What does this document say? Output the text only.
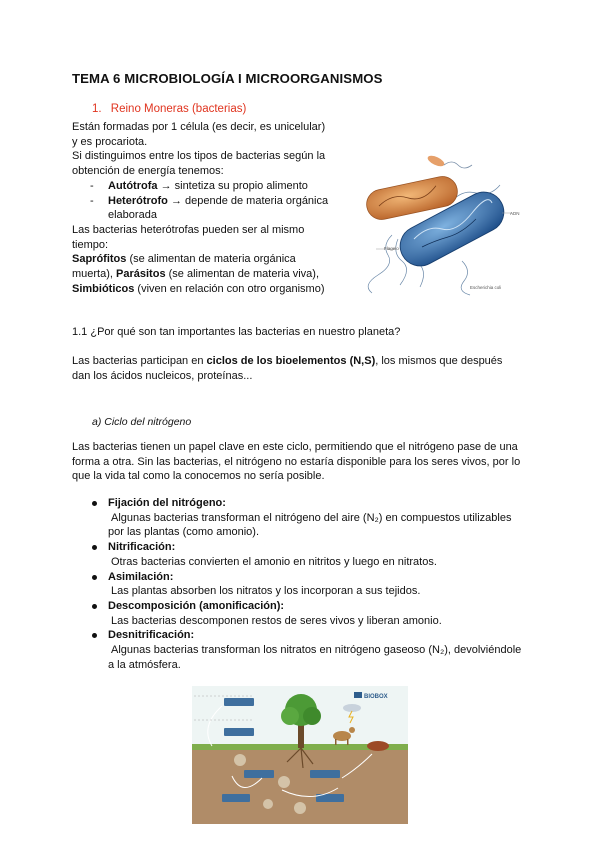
TEMA 6 MICROBIOLOGÍA I MICROORGANISMOS
1. Reino Moneras (bacterias)
Están formadas por 1 célula (es decir, es unicelular)
y es procariota.
Si distinguimos entre los tipos de bacterias según la
obtención de energía tenemos:
- Autótrofa → sintetiza su propio alimento
- Heterótrofo → depende de materia orgánica
elaborada
Las bacterias heterótrofas pueden ser al mismo
tiempo:
Saprófitos (se alimentan de materia orgánica
muerta), Parásitos (se alimentan de materia viva),
Simbióticos (viven en relación con otro organismo)
ADN
Flagelo
Escherichia coli
1.1 ¿Por qué son tan importantes las bacterias en nuestro planeta?
Las bacterias participan en ciclos de los bioelementos (N,S), los mismos que después
dan los ácidos nucleicos, proteínas...
a) Ciclo del nitrógeno
Las bacterias tienen un papel clave en este ciclo, permitiendo que el nitrógeno pase de una
forma a otra. Sin las bacterias, el nitrógeno no estaría disponible para los seres vivos, por lo
que la vida tal como la conocemos no sería posible.
Fijación del nitrógeno:
Algunas bacterias transforman el nitrógeno del aire (N₂) en compuestos utilizables
por las plantas (como amonio).
Nitrificación:
Otras bacterias convierten el amonio en nitritos y luego en nitratos.
Asimilación:
Las plantas absorben los nitratos y los incorporan a sus tejidos.
Descomposición (amonificación):
Las bacterias descomponen restos de seres vivos y liberan amonio.
Desnitrificación:
Algunas bacterias transforman los nitratos en nitrógeno gaseoso (N₂), devolviéndole
a la atmósfera.
BIOBOX
